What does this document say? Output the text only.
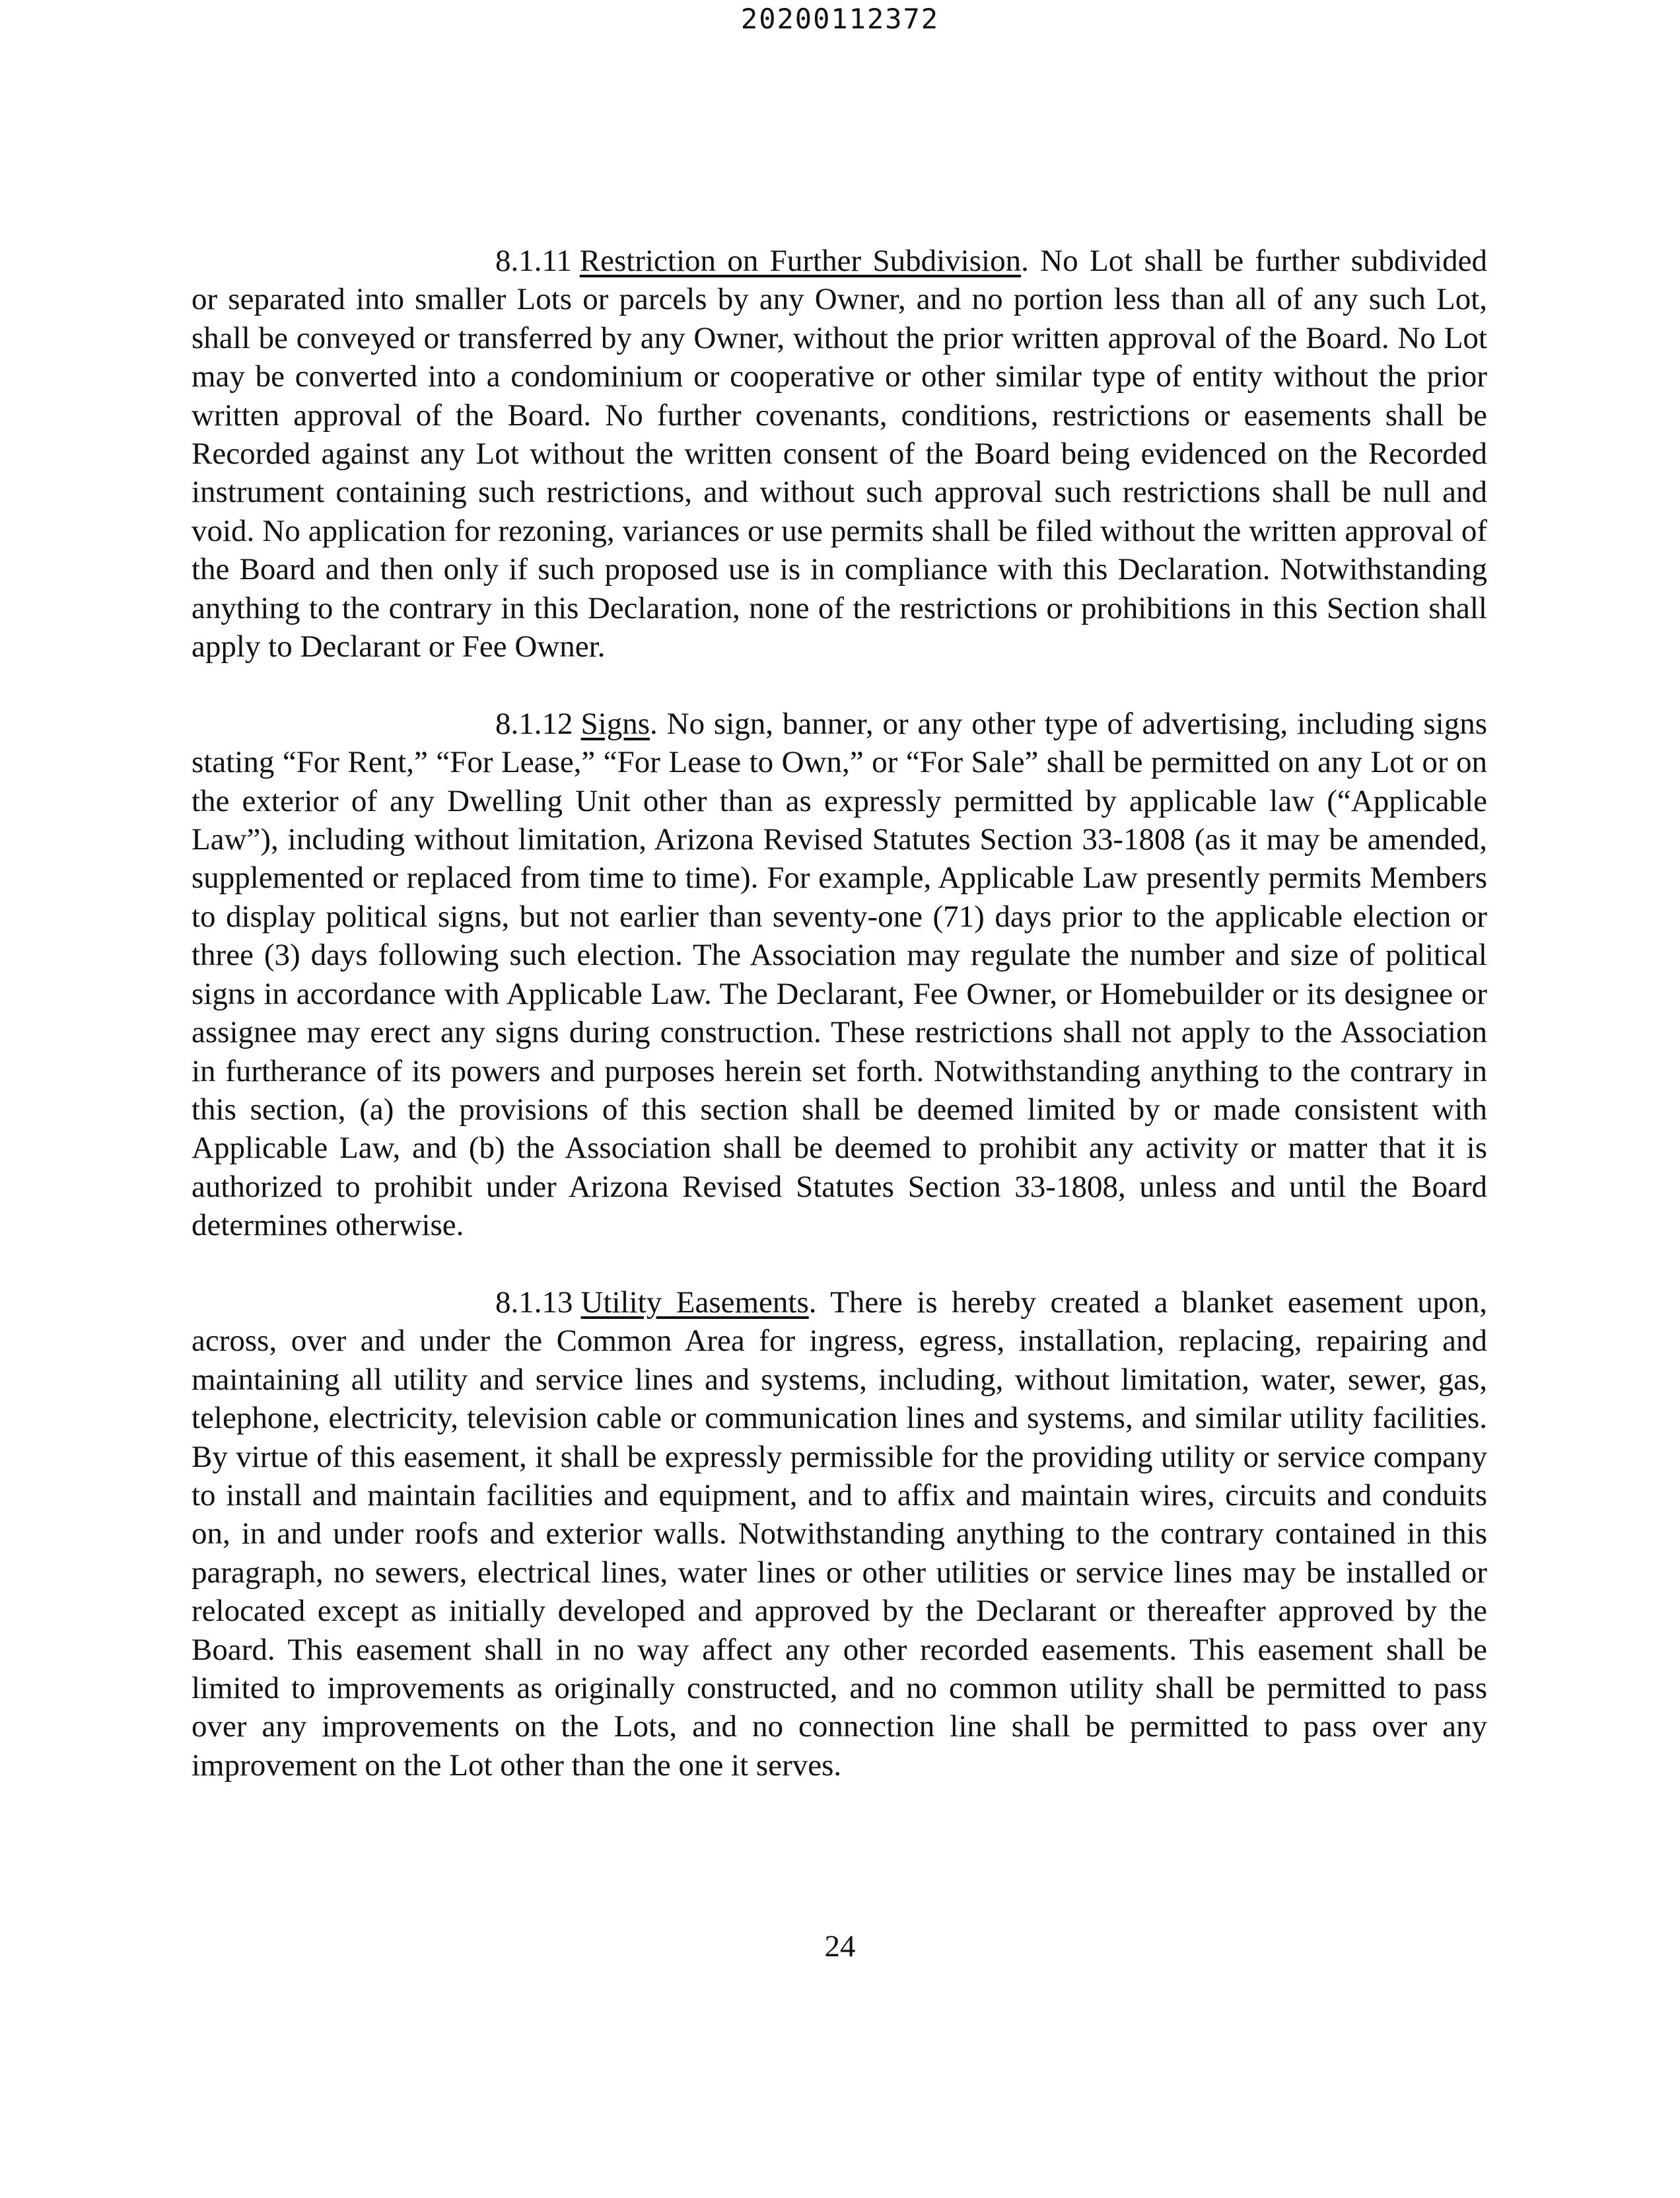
20200112372

8.1.11 Restriction on Further Subdivision. No Lot shall be further subdivided or separated into smaller Lots or parcels by any Owner, and no portion less than all of any such Lot, shall be conveyed or transferred by any Owner, without the prior written approval of the Board. No Lot may be converted into a condominium or cooperative or other similar type of entity without the prior written approval of the Board. No further covenants, conditions, restrictions or easements shall be Recorded against any Lot without the written consent of the Board being evidenced on the Recorded instrument containing such restrictions, and without such approval such restrictions shall be null and void. No application for rezoning, variances or use permits shall be filed without the written approval of the Board and then only if such proposed use is in compliance with this Declaration. Notwithstanding anything to the contrary in this Declaration, none of the restrictions or prohibitions in this Section shall apply to Declarant or Fee Owner.

8.1.12 Signs. No sign, banner, or any other type of advertising, including signs stating “For Rent,” “For Lease,” “For Lease to Own,” or “For Sale” shall be permitted on any Lot or on the exterior of any Dwelling Unit other than as expressly permitted by applicable law (“Applicable Law”), including without limitation, Arizona Revised Statutes Section 33-1808 (as it may be amended, supplemented or replaced from time to time). For example, Applicable Law presently permits Members to display political signs, but not earlier than seventy-one (71) days prior to the applicable election or three (3) days following such election. The Association may regulate the number and size of political signs in accordance with Applicable Law. The Declarant, Fee Owner, or Homebuilder or its designee or assignee may erect any signs during construction. These restrictions shall not apply to the Association in furtherance of its powers and purposes herein set forth. Notwithstanding anything to the contrary in this section, (a) the provisions of this section shall be deemed limited by or made consistent with Applicable Law, and (b) the Association shall be deemed to prohibit any activity or matter that it is authorized to prohibit under Arizona Revised Statutes Section 33-1808, unless and until the Board determines otherwise.

8.1.13 Utility Easements. There is hereby created a blanket easement upon, across, over and under the Common Area for ingress, egress, installation, replacing, repairing and maintaining all utility and service lines and systems, including, without limitation, water, sewer, gas, telephone, electricity, television cable or communication lines and systems, and similar utility facilities. By virtue of this easement, it shall be expressly permissible for the providing utility or service company to install and maintain facilities and equipment, and to affix and maintain wires, circuits and conduits on, in and under roofs and exterior walls. Notwithstanding anything to the contrary contained in this paragraph, no sewers, electrical lines, water lines or other utilities or service lines may be installed or relocated except as initially developed and approved by the Declarant or thereafter approved by the Board. This easement shall in no way affect any other recorded easements. This easement shall be limited to improvements as originally constructed, and no common utility shall be permitted to pass over any improvements on the Lots, and no connection line shall be permitted to pass over any improvement on the Lot other than the one it serves.

24
